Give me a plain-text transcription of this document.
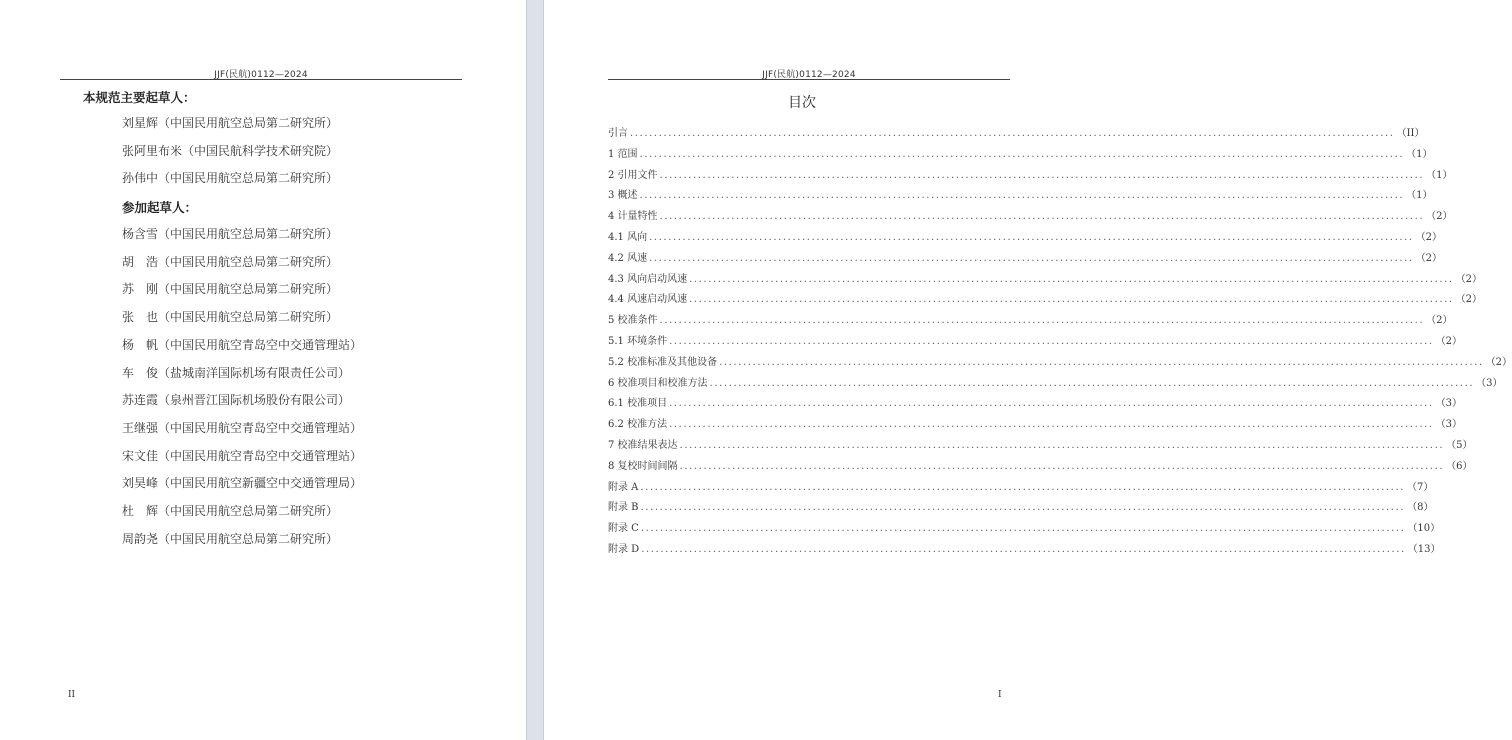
JJF(民航)0112—2024
本规范主要起草人：
刘星辉（中国民用航空总局第二研究所）
张阿里布米（中国民航科学技术研究院）
孙伟中（中国民用航空总局第二研究所）
参加起草人：
杨含雪（中国民用航空总局第二研究所）
胡　浩（中国民用航空总局第二研究所）
苏　刚（中国民用航空总局第二研究所）
张　也（中国民用航空总局第二研究所）
杨　帆（中国民用航空青岛空中交通管理站）
车　俊（盐城南洋国际机场有限责任公司）
苏连霞（泉州晋江国际机场股份有限公司）
王继强（中国民用航空青岛空中交通管理站）
宋文佳（中国民用航空青岛空中交通管理站）
刘昊峰（中国民用航空新疆空中交通管理局）
杜　辉（中国民用航空总局第二研究所）
周韵尧（中国民用航空总局第二研究所）
II
JJF(民航)0112—2024
目次
引言 ................................................................................................................................................................ （II）
1 范围 ................................................................................................................................................................ （1）
2 引用文件 ................................................................................................................................................................ （1）
3 概述 ................................................................................................................................................................ （1）
4 计量特性 ................................................................................................................................................................ （2）
4.1 风向 ................................................................................................................................................................ （2）
4.2 风速 ................................................................................................................................................................ （2）
4.3 风向启动风速 ................................................................................................................................................................ （2）
4.4 风速启动风速 ................................................................................................................................................................ （2）
5 校准条件 ................................................................................................................................................................ （2）
5.1 环境条件 ................................................................................................................................................................ （2）
5.2 校准标准及其他设备 ................................................................................................................................................................ （2）
6 校准项目和校准方法 ................................................................................................................................................................ （3）
6.1 校准项目 ................................................................................................................................................................ （3）
6.2 校准方法 ................................................................................................................................................................ （3）
7 校准结果表达 ................................................................................................................................................................ （5）
8 复校时间间隔 ................................................................................................................................................................ （6）
附录 A ................................................................................................................................................................ （7）
附录 B ................................................................................................................................................................ （8）
附录 C ................................................................................................................................................................ （10）
附录 D ................................................................................................................................................................ （13）
I
